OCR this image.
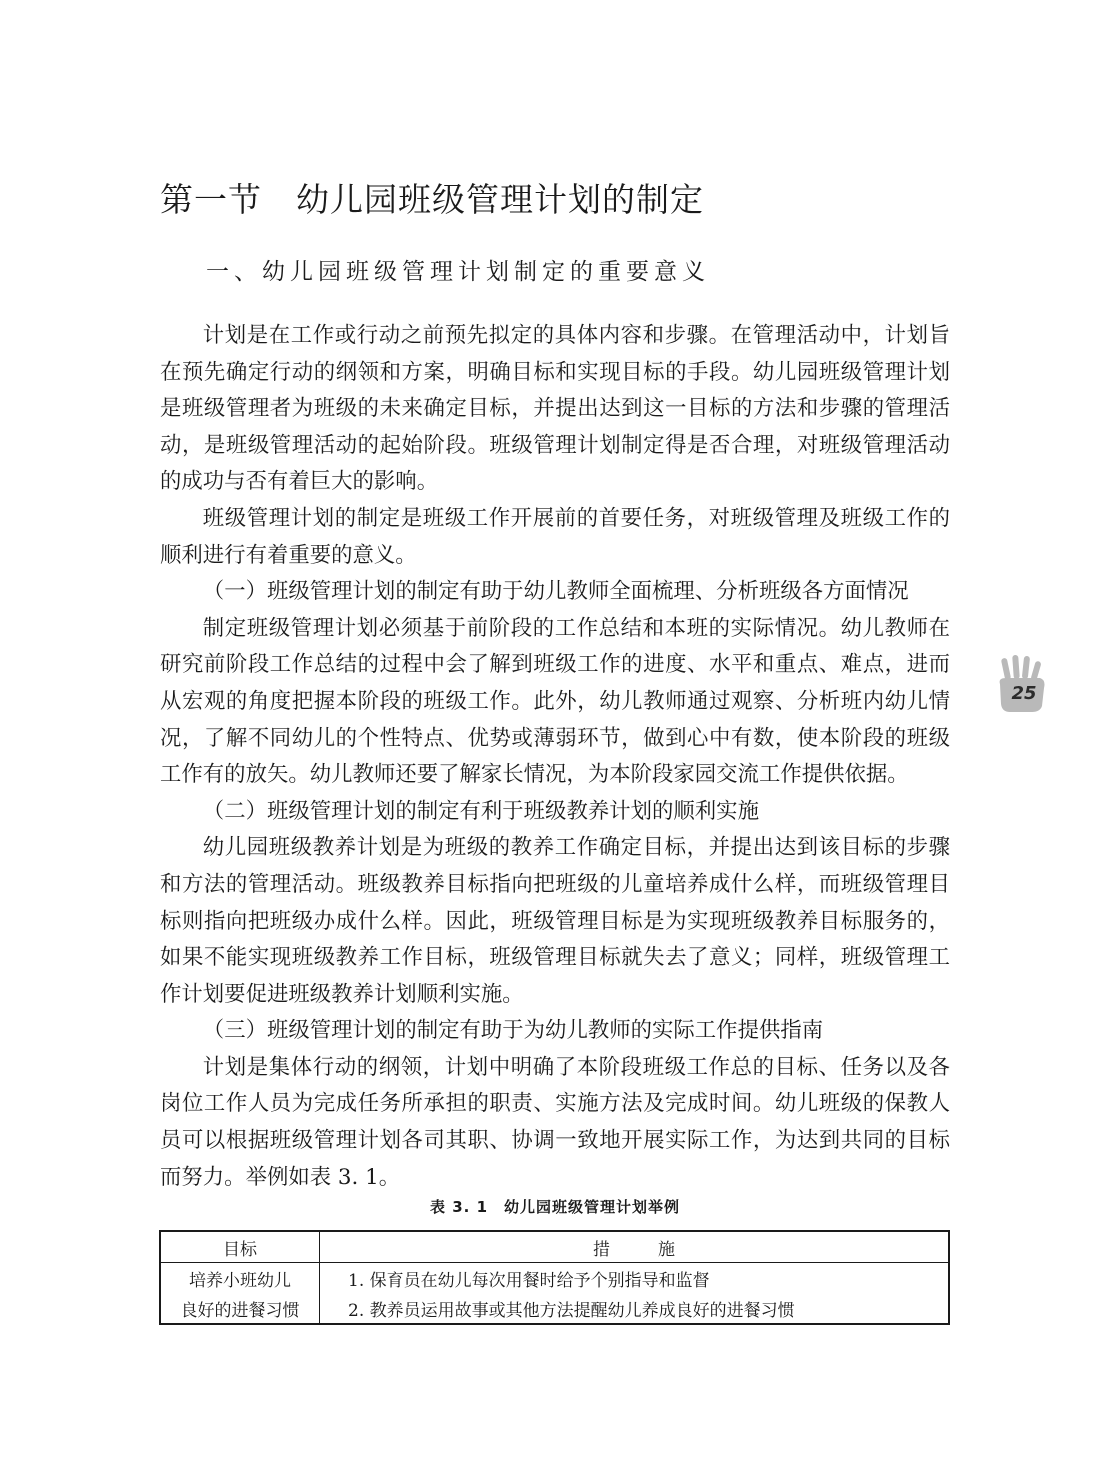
第一节　幼儿园班级管理计划的制定
一、幼儿园班级管理计划制定的重要意义

计划是在工作或行动之前预先拟定的具体内容和步骤。在管理活动中，计划旨在预先确定行动的纲领和方案，明确目标和实现目标的手段。幼儿园班级管理计划是班级管理者为班级的未来确定目标，并提出达到这一目标的方法和步骤的管理活动，是班级管理活动的起始阶段。班级管理计划制定得是否合理，对班级管理活动的成功与否有着巨大的影响。

班级管理计划的制定是班级工作开展前的首要任务，对班级管理及班级工作的顺利进行有着重要的意义。

（一）班级管理计划的制定有助于幼儿教师全面梳理、分析班级各方面情况

制定班级管理计划必须基于前阶段的工作总结和本班的实际情况。幼儿教师在研究前阶段工作总结的过程中会了解到班级工作的进度、水平和重点、难点，进而从宏观的角度把握本阶段的班级工作。此外，幼儿教师通过观察、分析班内幼儿情况，了解不同幼儿的个性特点、优势或薄弱环节，做到心中有数，使本阶段的班级工作有的放矢。幼儿教师还要了解家长情况，为本阶段家园交流工作提供依据。

（二）班级管理计划的制定有利于班级教养计划的顺利实施

幼儿园班级教养计划是为班级的教养工作确定目标，并提出达到该目标的步骤和方法的管理活动。班级教养目标指向把班级的儿童培养成什么样，而班级管理目标则指向把班级办成什么样。因此，班级管理目标是为实现班级教养目标服务的，如果不能实现班级教养工作目标，班级管理目标就失去了意义；同样，班级管理工作计划要促进班级教养计划顺利实施。

（三）班级管理计划的制定有助于为幼儿教师的实际工作提供指南

计划是集体行动的纲领，计划中明确了本阶段班级工作总的目标、任务以及各岗位工作人员为完成任务所承担的职责、实施方法及完成时间。幼儿班级的保教人员可以根据班级管理计划各司其职、协调一致地开展实际工作，为达到共同的目标而努力。举例如表 3. 1。

25
表 3. 1　幼儿园班级管理计划举例
目标	措施
培养小班幼儿	1. 保育员在幼儿每次用餐时给予个别指导和监督
良好的进餐习惯	2. 教养员运用故事或其他方法提醒幼儿养成良好的进餐习惯
